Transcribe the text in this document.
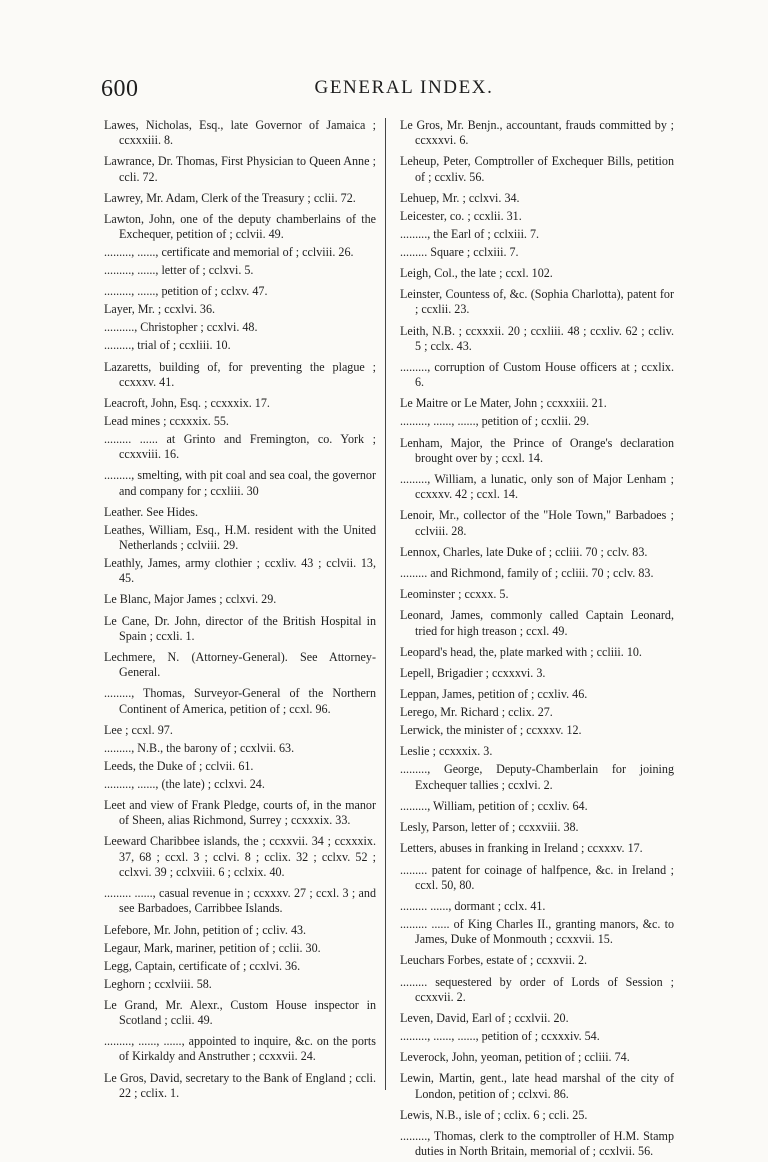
600	GENERAL INDEX.

Lawes, Nicholas, Esq., late Governor of Jamaica ; ccxxxiii. 8.

Lawrance, Dr. Thomas, First Physician to Queen Anne ; ccli. 72.

Lawrey, Mr. Adam, Clerk of the Treasury ; cclii. 72.

Lawton, John, one of the deputy chamberlains of the Exchequer, petition of ; cclvii. 49.

........., ......, certificate and memorial of ; cclviii. 26.

........., ......, letter of ; cclxvi. 5.

........., ......, petition of ; cclxv. 47.

Layer, Mr. ; ccxlvi. 36.

.........., Christopher ; ccxlvi. 48.

........., trial of ; ccxliii. 10.

Lazaretts, building of, for preventing the plague ; ccxxxv. 41.

Leacroft, John, Esq. ; ccxxxix. 17.

Lead mines ; ccxxxix. 55.

......... ...... at Grinto and Fremington, co. York ; ccxxviii. 16.

........., smelting, with pit coal and sea coal, the governor and company for ; ccxliii. 30

Leather. See Hides.

Leathes, William, Esq., H.M. resident with the United Netherlands ; cclviii. 29.

Leathly, James, army clothier ; ccxliv. 43 ; cclvii. 13, 45.

Le Blanc, Major James ; cclxvi. 29.

Le Cane, Dr. John, director of the British Hospital in Spain ; ccxli. 1.

Lechmere, N. (Attorney-General). See Attorney-General.

........., Thomas, Surveyor-General of the Northern Continent of America, petition of ; ccxl. 96.

Lee ; ccxl. 97.

........., N.B., the barony of ; ccxlvii. 63.

Leeds, the Duke of ; cclvii. 61.

........., ......, (the late) ; cclxvi. 24.

Leet and view of Frank Pledge, courts of, in the manor of Sheen, alias Richmond, Surrey ; ccxxxix. 33.

Leeward Charibbee islands, the ; ccxxvii. 34 ; ccxxxix. 37, 68 ; ccxl. 3 ; cclvi. 8 ; cclix. 32 ; cclxv. 52 ; cclxvi. 39 ; cclxviii. 6 ; cclxix. 40.

......... ......, casual revenue in ; ccxxxv. 27 ; ccxl. 3 ; and see Barbadoes, Carribbee Islands.

Lefebore, Mr. John, petition of ; ccliv. 43.

Legaur, Mark, mariner, petition of ; cclii. 30.

Legg, Captain, certificate of ; ccxlvi. 36.

Leghorn ; ccxlviii. 58.

Le Grand, Mr. Alexr., Custom House inspector in Scotland ; cclii. 49.

........., ......, ......, appointed to inquire, &c. on the ports of Kirkaldy and Anstruther ; ccxxvii. 24.

Le Gros, David, secretary to the Bank of England ; ccli. 22 ; cclix. 1.

Le Gros, Mr. Benjn., accountant, frauds committed by ; ccxxxvi. 6.

Leheup, Peter, Comptroller of Exchequer Bills, petition of ; ccxliv. 56.

Lehuep, Mr. ; cclxvi. 34.

Leicester, co. ; ccxlii. 31.

........., the Earl of ; cclxiii. 7.

......... Square ; cclxiii. 7.

Leigh, Col., the late ; ccxl. 102.

Leinster, Countess of, &c. (Sophia Charlotta), patent for ; ccxlii. 23.

Leith, N.B. ; ccxxxii. 20 ; ccxliii. 48 ; ccxliv. 62 ; ccliv. 5 ; cclx. 43.

........., corruption of Custom House officers at ; ccxlix. 6.

Le Maitre or Le Mater, John ; ccxxxiii. 21.

........., ......, ......, petition of ; ccxlii. 29.

Lenham, Major, the Prince of Orange's declaration brought over by ; ccxl. 14.

........., William, a lunatic, only son of Major Lenham ; ccxxxv. 42 ; ccxl. 14.

Lenoir, Mr., collector of the "Hole Town," Barbadoes ; cclviii. 28.

Lennox, Charles, late Duke of ; ccliii. 70 ; cclv. 83.

......... and Richmond, family of ; ccliii. 70 ; cclv. 83.

Leominster ; ccxxx. 5.

Leonard, James, commonly called Captain Leonard, tried for high treason ; ccxl. 49.

Leopard's head, the, plate marked with ; ccliii. 10.

Lepell, Brigadier ; ccxxxvi. 3.

Leppan, James, petition of ; ccxliv. 46.

Lerego, Mr. Richard ; cclix. 27.

Lerwick, the minister of ; ccxxxv. 12.

Leslie ; ccxxxix. 3.

........., George, Deputy-Chamberlain for joining Exchequer tallies ; ccxlvi. 2.

........., William, petition of ; ccxliv. 64.

Lesly, Parson, letter of ; ccxxviii. 38.

Letters, abuses in franking in Ireland ; ccxxxv. 17.

......... patent for coinage of halfpence, &c. in Ireland ; ccxl. 50, 80.

......... ......, dormant ; cclx. 41.

......... ...... of King Charles II., granting manors, &c. to James, Duke of Monmouth ; ccxxvii. 15.

Leuchars Forbes, estate of ; ccxxvii. 2.

......... sequestered by order of Lords of Session ; ccxxvii. 2.

Leven, David, Earl of ; ccxlvii. 20.

........., ......, ......, petition of ; ccxxxiv. 54.

Leverock, John, yeoman, petition of ; ccliii. 74.

Lewin, Martin, gent., late head marshal of the city of London, petition of ; cclxvi. 86.

Lewis, N.B., isle of ; cclix. 6 ; ccli. 25.

........., Thomas, clerk to the comptroller of H.M. Stamp duties in North Britain, memorial of ; ccxlvii. 56.
